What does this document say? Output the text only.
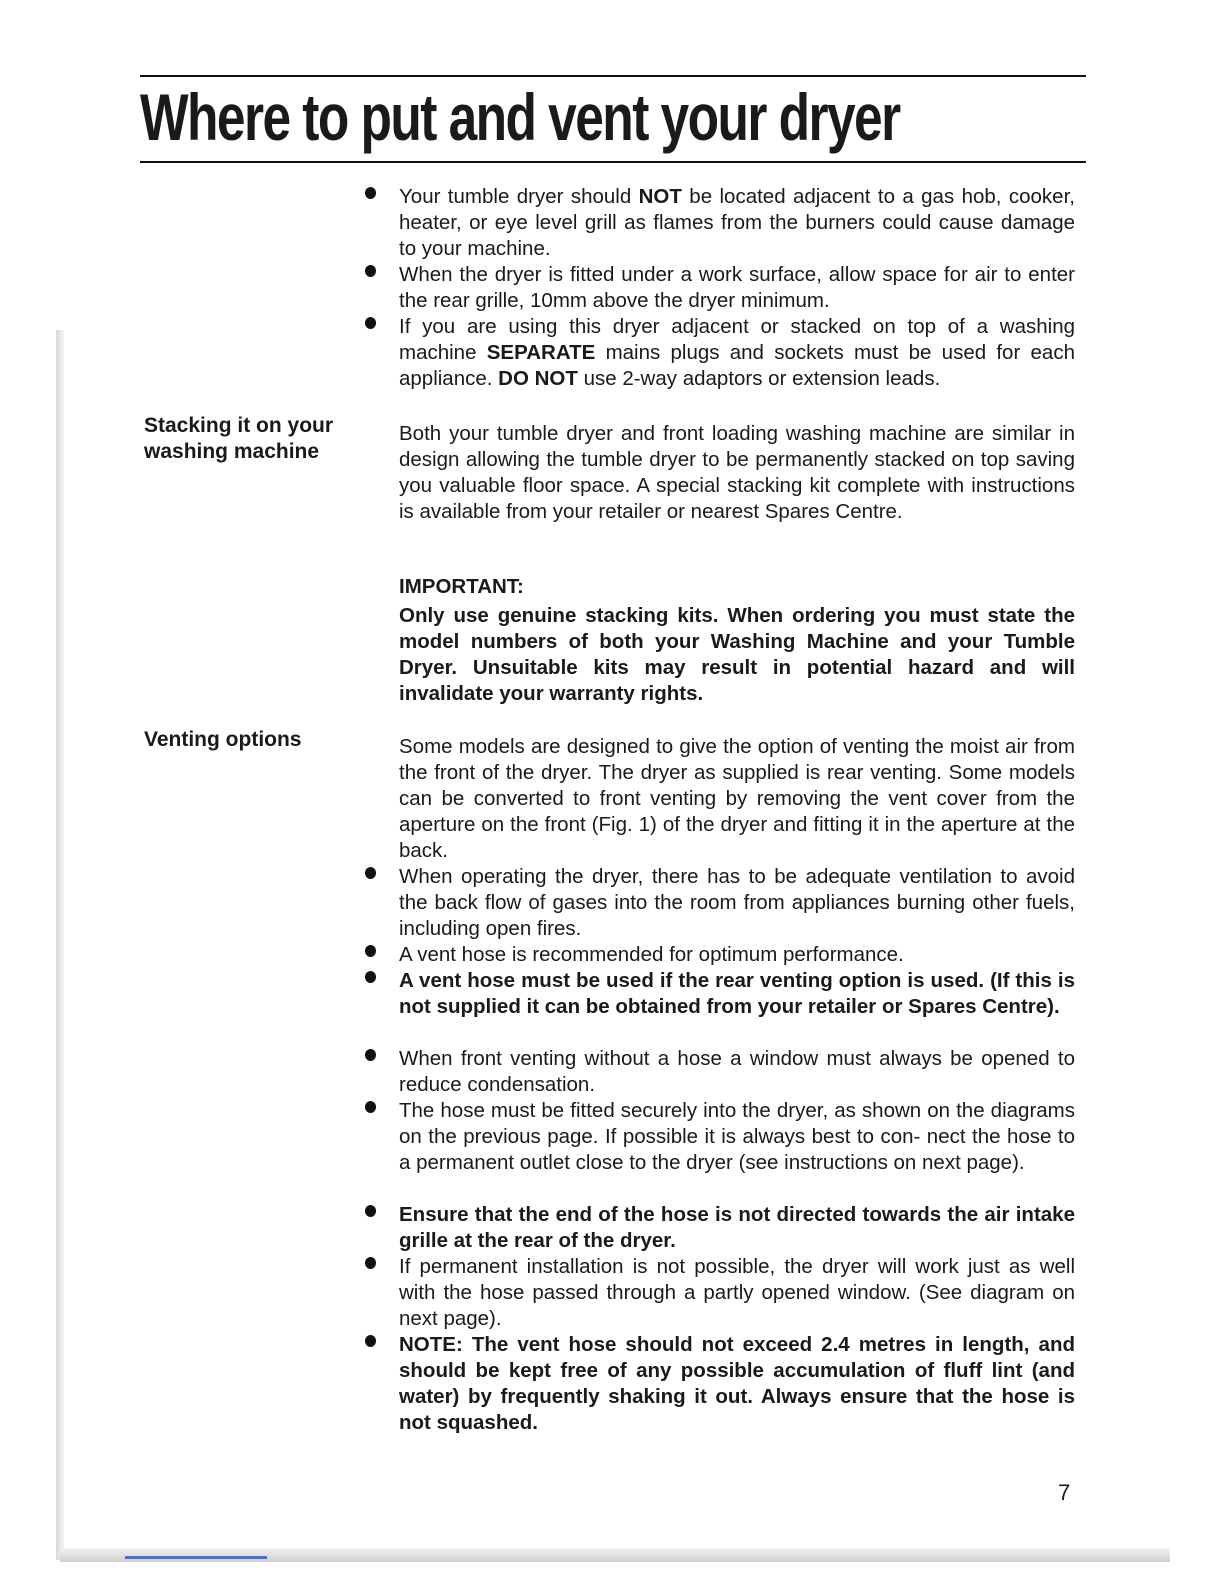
Where to put and vent your dryer

Your tumble dryer should NOT be located adjacent to a gas hob, cooker, heater, or eye level grill as flames from the burners could cause damage to your machine.

When the dryer is fitted under a work surface, allow space for air to enter the rear grille, 10mm above the dryer minimum.

If you are using this dryer adjacent or stacked on top of a washing machine SEPARATE mains plugs and sockets must be used for each appliance. DO NOT use 2-way adaptors or extension leads.

Stacking it on your washing machine

Both your tumble dryer and front loading washing machine are similar in design allowing the tumble dryer to be permanently stacked on top saving you valuable floor space. A special stacking kit complete with instructions is available from your retailer or nearest Spares Centre.

IMPORTANT:

Only use genuine stacking kits. When ordering you must state the model numbers of both your Washing Machine and your Tumble Dryer. Unsuitable kits may result in potential hazard and will invalidate your warranty rights.

Venting options	Some models are designed to give the option of venting the moist air from the front of the dryer. The dryer as supplied is rear venting. Some models can be converted to front venting by removing the vent cover from the aperture on the front (Fig. 1) of the dryer and fitting it in the aperture at the back.

When operating the dryer, there has to be adequate ventilation to avoid the back flow of gases into the room from appliances burning other fuels, including open fires.

A vent hose is recommended for optimum performance.

A vent hose must be used if the rear venting option is used. (If this is not supplied it can be obtained from your retailer or Spares Centre).

When front venting without a hose a window must always be opened to reduce condensation.

The hose must be fitted securely into the dryer, as shown on the diagrams on the previous page. If possible it is always best to con- nect the hose to a permanent outlet close to the dryer (see instructions on next page).

Ensure that the end of the hose is not directed towards the air intake grille at the rear of the dryer.

If permanent installation is not possible, the dryer will work just as well with the hose passed through a partly opened window. (See diagram on next page).

NOTE: The vent hose should not exceed 2.4 metres in length, and should be kept free of any possible accumulation of fluff lint (and water) by frequently shaking it out. Always ensure that the hose is not squashed.

7
